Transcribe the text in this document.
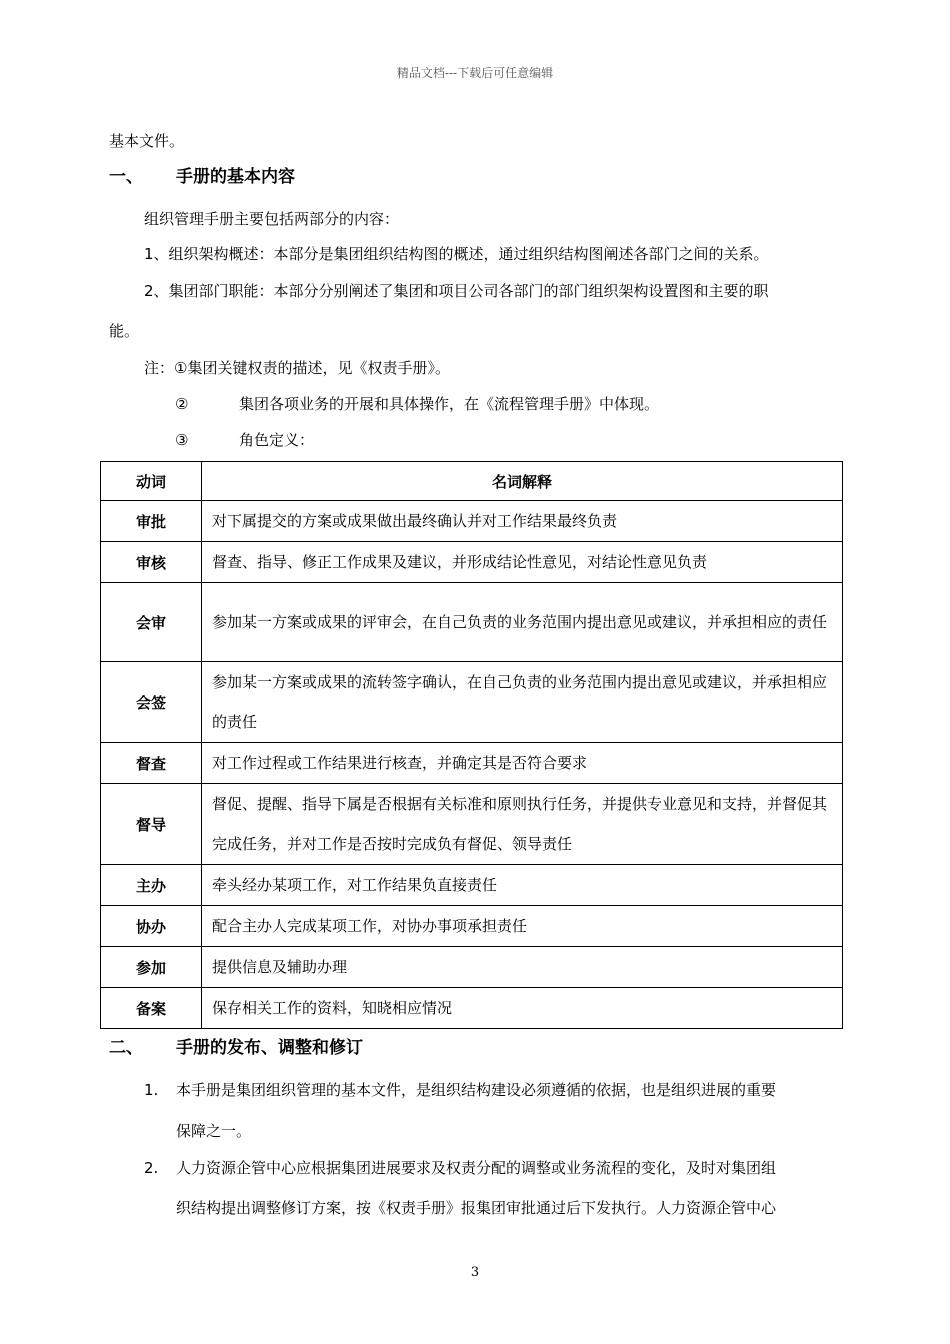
精品文档---下载后可任意编辑
基本文件。
一、 手册的基本内容
组织管理手册主要包括两部分的内容：
1、组织架构概述：本部分是集团组织结构图的概述，通过组织结构图阐述各部门之间的关系。
2、集团部门职能：本部分分别阐述了集团和项目公司各部门的部门组织架构设置图和主要的职
能。
注：①集团关键权责的描述，见《权责手册》。
②	集团各项业务的开展和具体操作，在《流程管理手册》中体现。
③	角色定义：
动词	名词解释
审批	对下属提交的方案或成果做出最终确认并对工作结果最终负责
审核	督查、指导、修正工作成果及建议，并形成结论性意见，对结论性意见负责
会审	参加某一方案或成果的评审会，在自己负责的业务范围内提出意见或建议，并承担相应的责任
会签	参加某一方案或成果的流转签字确认，在自己负责的业务范围内提出意见或建议，并承担相应的责任
督查	对工作过程或工作结果进行核查，并确定其是否符合要求
督导	督促、提醒、指导下属是否根据有关标准和原则执行任务，并提供专业意见和支持，并督促其完成任务，并对工作是否按时完成负有督促、领导责任
主办	牵头经办某项工作，对工作结果负直接责任
协办	配合主办人完成某项工作，对协办事项承担责任
参加	提供信息及辅助办理
备案	保存相关工作的资料，知晓相应情况
二、 手册的发布、调整和修订
1. 本手册是集团组织管理的基本文件，是组织结构建设必须遵循的依据，也是组织进展的重要
保障之一。
2. 人力资源企管中心应根据集团进展要求及权责分配的调整或业务流程的变化，及时对集团组
织结构提出调整修订方案，按《权责手册》报集团审批通过后下发执行。人力资源企管中心
3
